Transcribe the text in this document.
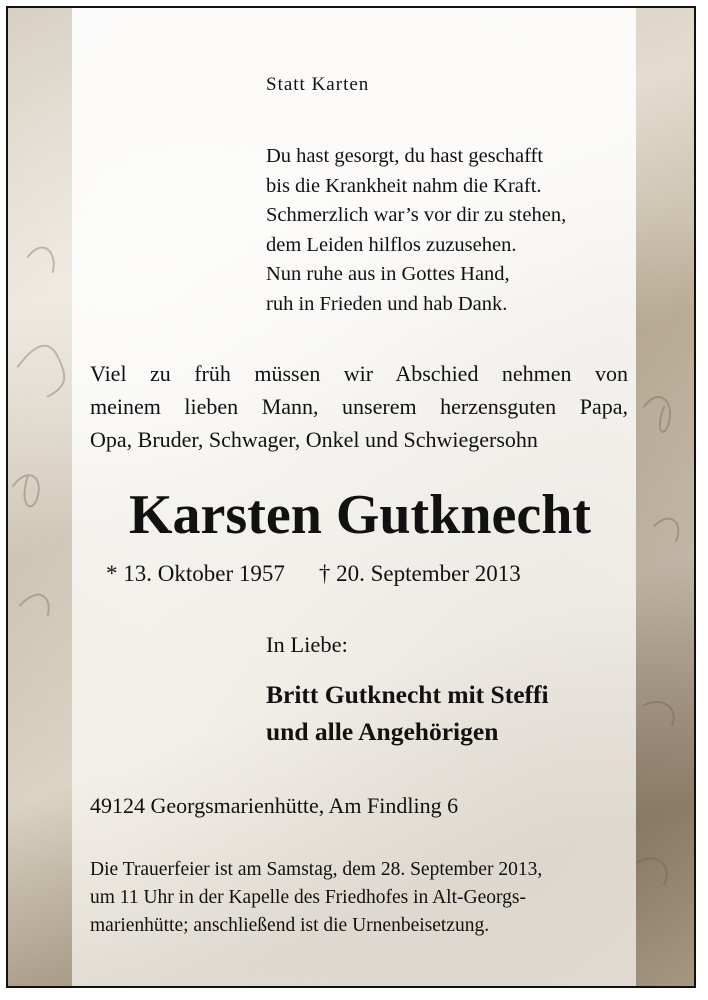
Statt Karten

Du hast gesorgt, du hast geschafft
bis die Krankheit nahm die Kraft.
Schmerzlich war’s vor dir zu stehen,
dem Leiden hilflos zuzusehen.
Nun ruhe aus in Gottes Hand,
ruh in Frieden und hab Dank.
Viel zu früh müssen wir Abschied nehmen von
meinem lieben Mann, unserem herzensguten Papa,
Opa, Bruder, Schwager, Onkel und Schwiegersohn

Karsten Gutknecht

* 13. Oktober 1957 † 20. September 2013

In Liebe:

Britt Gutknecht mit Steffi
und alle Angehörigen

49124 Georgsmarienhütte, Am Findling 6

Die Trauerfeier ist am Samstag, dem 28. September 2013,
um 11 Uhr in der Kapelle des Friedhofes in Alt-Georgs-
marienhütte; anschließend ist die Urnenbeisetzung.
